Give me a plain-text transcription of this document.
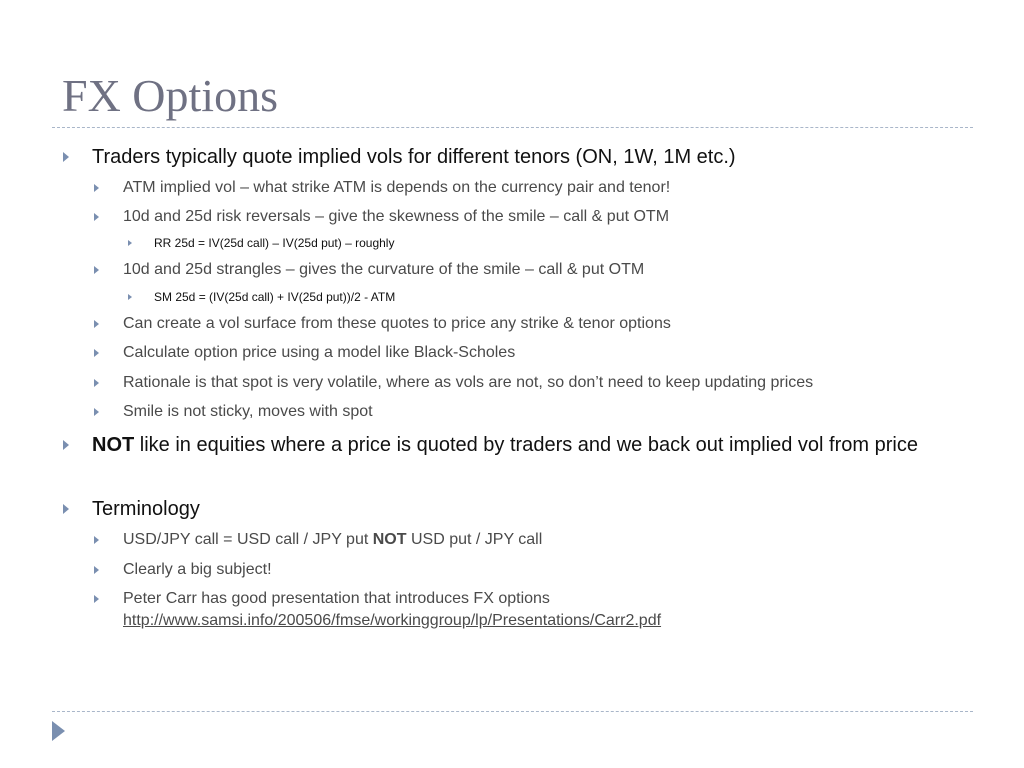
FX Options
Traders typically quote implied vols for different tenors (ON, 1W, 1M etc.)
ATM implied vol – what strike ATM is depends on the currency pair and tenor!
10d and 25d risk reversals – give the skewness of the smile – call & put OTM
RR 25d = IV(25d call) – IV(25d put) – roughly
10d and 25d strangles – gives the curvature of the smile – call & put OTM
SM 25d = (IV(25d call) + IV(25d put))/2 - ATM
Can create a vol surface from these quotes to price any strike & tenor options
Calculate option price using a model like Black-Scholes
Rationale is that spot is very volatile, where as vols are not, so don’t need to keep updating prices
Smile is not sticky, moves with spot
NOT like in equities where a price is quoted by traders and we back out implied vol from price
Terminology
USD/JPY call = USD call / JPY put NOT USD put / JPY call
Clearly a big subject!
Peter Carr has good presentation that introduces FX options
http://www.samsi.info/200506/fmse/workinggroup/lp/Presentations/Carr2.pdf
